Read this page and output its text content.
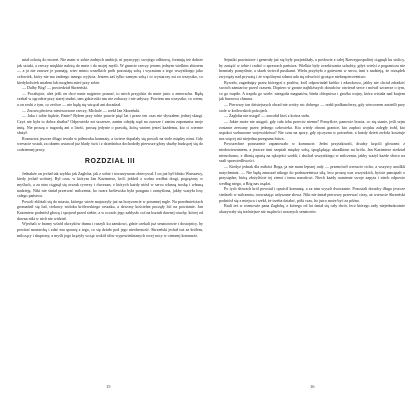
miał ochotę do niczeń. Nie mam w sobie żadnych ambicji, ni pryncypy; swojego odbiorcę, formuję też dobrze jak sztuki, a rzeczy miękkie należą do mnie i do mojej myśli. W gruncie rzeczy jestem jednym wielkim zbiorem — a ja nie zawsze je poznaję, wiec mimo wszelkich prób pozostaję sobą i wyrastam z tego wszystkiego jako człowiek, który nie ma żadnego innego wyjścia. Jestem zaś tylko samym sobą i to wystarczy mi za wszystko, co kiedykolwiek miałem lub mogłem mieć przy sobie.

— Dalby Bóg! — powiedział Skrzeński.

— Pocałujcie, ależ jeśli on chce mnie najpierw poznać, to niech przyjdzie do mnie jutro o zmierzchu. Będę czekał w ogrodzie przy starej studni, tam gdzie nikt nas nie zobaczy i nie usłyszy. Powiem mu wszystko, co wiem, a on zrobi z tym, co zechce — nie będę się wtrącał ani doradzał.

— Znowu pleciesz niestworzone rzeczy, Michale — rzekł Jan Skrzeński.

— Jaka i tobie będzie, Panie? Byłem przy tobie prawie pięć lat i przez ten czas nie słyszałem jednej skargi. Czyż nie była to dobra służba? Odpowiedz mi szczerze, zanim odejdę stąd na zawsze i zanim zapomnisz moje imię. Nie proszę o nagrodę ani o litość, proszę jedynie o prawdę, którą winien jesteś każdemu, kto ci wiernie służył.

Rozmowa jeszcze długo trwała w półmroku komnaty, a świece dopalały się powoli na stole między nimi. Gdy wreszcie wstali, za oknem wstawał już blady świt i z dziedzińca dochodziły pierwsze głosy służby budzącej się do codziennej pracy.

ROZDZIAŁ III

Jednakże on jechał tak szybko jak Zagłoba, jak z sobie i towarzyszom obiecywał. I on już był blisko Warszawy, kiedy jechał wolniej. Był czas, w którym Jan Kazimierz, król, jeździł z wolna wzdłuż drogi, pogrążony w myślach, a za nim ciągnął się orszak rycerzy i dworzan, z których każdy niósł w sercu własną troskę i własną nadzieję. Nikt nie śmiał przerwać milczenia, bo twarz królewska była posępna i zamyślona, jakby ważyła losy całego państwa.

Powoli zbliżali się do miasta, którego wieże majaczyły już na horyzoncie w porannej mgle. Na przedmieściach gromadził się lud, ciekawy widoku królewskiego orszaku, a dzwony kościelne poczęły bić na powitanie. Jan Kazimierz podniósł głowę i spojrzał przed siebie, a w oczach jego zabłysło coś na kształt dawnej otuchy, której od dawna nikt w nich nie widział.

Wjechali w bramy wśród okrzyków tłumu i ruszyli ku zamkowi, gdzie czekali już senatorowie i dostojnicy, by powitać monarchę i zdać mu sprawę z tego, co się działo pod jego nieobecność. Skrzeński jechał tuż za królem, milczący i skupiony, a myśli jego krążyły wciąż wokół słów wypowiedzianych owej nocy w ciemnej komnacie.

Sejmiki powiatowe i generały już się były pozjeżdżały, a posłowie z całej Rzeczypospolitej ciągnęli ku stolicy, by zasiąść w izbie i radzić o sprawach państwa. Wielkie były oczekiwania szlachty, gdyż wieści z pogranicza nie brzmiały pomyślnie, a skarb świecił pustkami. Wielu przybyło z gniewem w sercu, inni z nadzieją, że rozsądek zwycięży nad prywatą i że wspólnymi siłami uda się odwrócić grożące niebezpieczeństwo.

Bywało, zagadnięty przez któregoś z posłów, król odpowiadał krótko i zdawkowo, jakby nie chciał zdradzić swoich zamiarów przed czasem. Dopiero w gronie najbliższych doradców otwierał serce i mówił szczerze o tym, co go trapiło. A trapiło go wiele: niezgoda magnatów, bieda chłopstwa i groźba wojny, która wisiała nad krajem jak burzowa chmura.

— Pierwszy ton dzisiejszych obrad nie wróży nic dobrego — rzekł podkanclerzy, gdy wieczorem zasiedli przy stole w królewskich pokojach.

— Zagłoba nie ustąpi! — zawołał ktoś z końca stołu.

— Jakże może nie ustąpić, gdy cała izba przeciw niemu? Pomyślcie, panowie bracia, co się stanie, jeśli sejm zostanie zerwany przez jednego człowieka. Kto wtedy obroni granice, kto zapłaci wojsku zaległy żołd, kto uspokoi wzburzone województwa? Nie czas na spory, gdy ojczyzna w potrzebie, a każdy dzień zwłoki kosztuje nas więcej niż niejedna przegrana bitwa.

Powszechne poruszenie zapanowało w komnacie. Jedni przytakiwali, drudzy kręcili głowami z niedowierzaniem, a jeszcze inni szeptali między sobą, spoglądając ukradkiem na króla. Jan Kazimierz siedział nieruchomo, z dłonią opartą na rękojeści szabli, i słuchał wszystkiego w milczeniu, jakby ważył każde słowo na szali sprawiedliwości.

— Kiedyż jednak dla miłości Boga, ja nie mam lepszej rady — przemówił wreszcie cicho, a wszyscy umilkli natychmiast. — Nie będę zmuszał nikogo do posłuszeństwa siłą, lecz proszę was wszystkich, byście pamiętali o przysiędze, którą złożyliście tej ziemi i temu narodowi. Niech każdy sumienie swoje zapyta i niech odpowie według niego, a Bóg nas osądzi.

Po tych słowach król powstał i opuścił komnatę, a za nim wyszli dworzanie. Pozostali doradcy długo jeszcze siedzieli w milczeniu, rozważając usłyszane słowa. Nikt nie śmiał pierwszy przerwać ciszy, aż wreszcie Skrzeński podniósł się z miejsca i rzekł, że trzeba działać, póki czas, bo jutro może być za późno.

Brali też w rozmowie pana Zagłobę, z którego od lat śmiał się cały dwór, lecz którego rady niejednokrotnie okazywały się trafniejsze niż mądrości uczonych senatorów.

15	16
